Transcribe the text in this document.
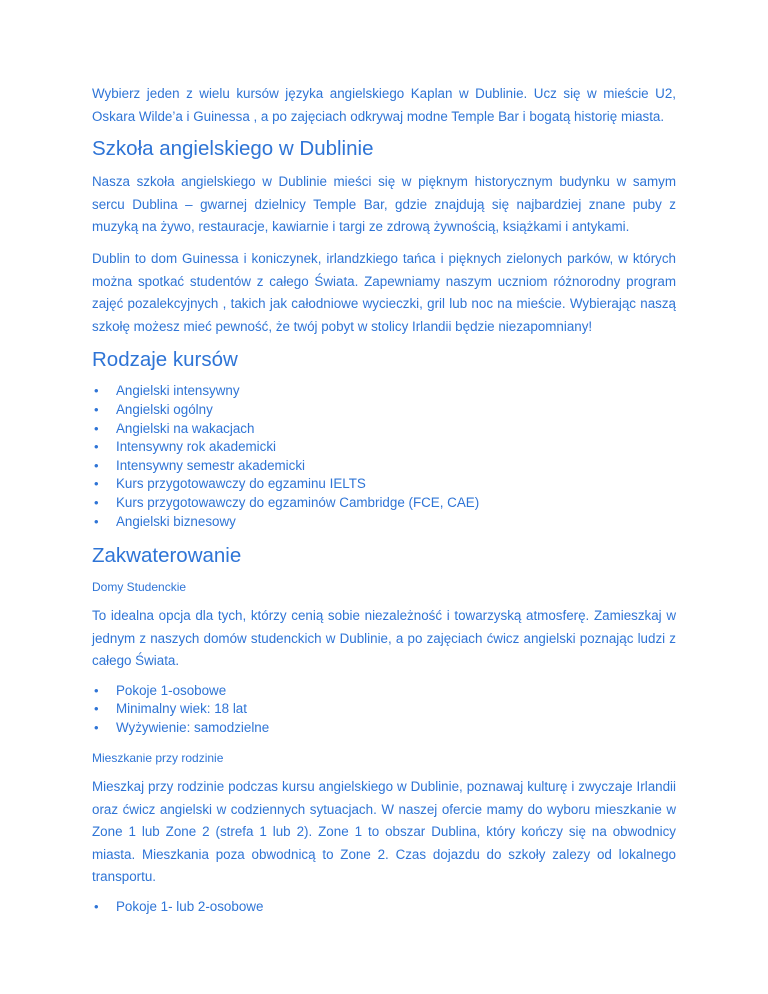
Wybierz jeden z wielu kursów języka angielskiego Kaplan w Dublinie. Ucz się w mieście U2, Oskara Wilde’a i Guinessa , a po zajęciach odkrywaj modne Temple Bar i bogatą historię miasta.

Szkoła angielskiego w Dublinie

Nasza szkoła angielskiego w Dublinie mieści się w pięknym historycznym budynku w samym sercu Dublina – gwarnej dzielnicy Temple Bar, gdzie znajdują się najbardziej znane puby z muzyką na żywo, restauracje, kawiarnie i targi ze zdrową żywnością, książkami i antykami.

Dublin to dom Guinessa i koniczynek, irlandzkiego tańca i pięknych zielonych parków, w których można spotkać studentów z całego Świata. Zapewniamy naszym uczniom różnorodny program zajęć pozalekcyjnych , takich jak całodniowe wycieczki, gril lub noc na mieście. Wybierając naszą szkołę możesz mieć pewność, że twój pobyt w stolicy Irlandii będzie niezapomniany!

Rodzaje kursów
• Angielski intensywny
• Angielski ogólny
• Angielski na wakacjach
• Intensywny rok akademicki
• Intensywny semestr akademicki
• Kurs przygotowawczy do egzaminu IELTS
• Kurs przygotowawczy do egzaminów Cambridge (FCE, CAE)
• Angielski biznesowy
Zakwaterowanie

Domy Studenckie

To idealna opcja dla tych, którzy cenią sobie niezależność i towarzyską atmosferę. Zamieszkaj w jednym z naszych domów studenckich w Dublinie, a po zajęciach ćwicz angielski poznając ludzi z całego Świata.

• Pokoje 1-osobowe
• Minimalny wiek: 18 lat
• Wyżywienie: samodzielne

Mieszkanie przy rodzinie

Mieszkaj przy rodzinie podczas kursu angielskiego w Dublinie, poznawaj kulturę i zwyczaje Irlandii oraz ćwicz angielski w codziennych sytuacjach. W naszej ofercie mamy do wyboru mieszkanie w Zone 1 lub Zone 2 (strefa 1 lub 2). Zone 1 to obszar Dublina, który kończy się na obwodnicy miasta. Mieszkania poza obwodnicą to Zone 2. Czas dojazdu do szkoły zalezy od lokalnego transportu.

• Pokoje 1- lub 2-osobowe
